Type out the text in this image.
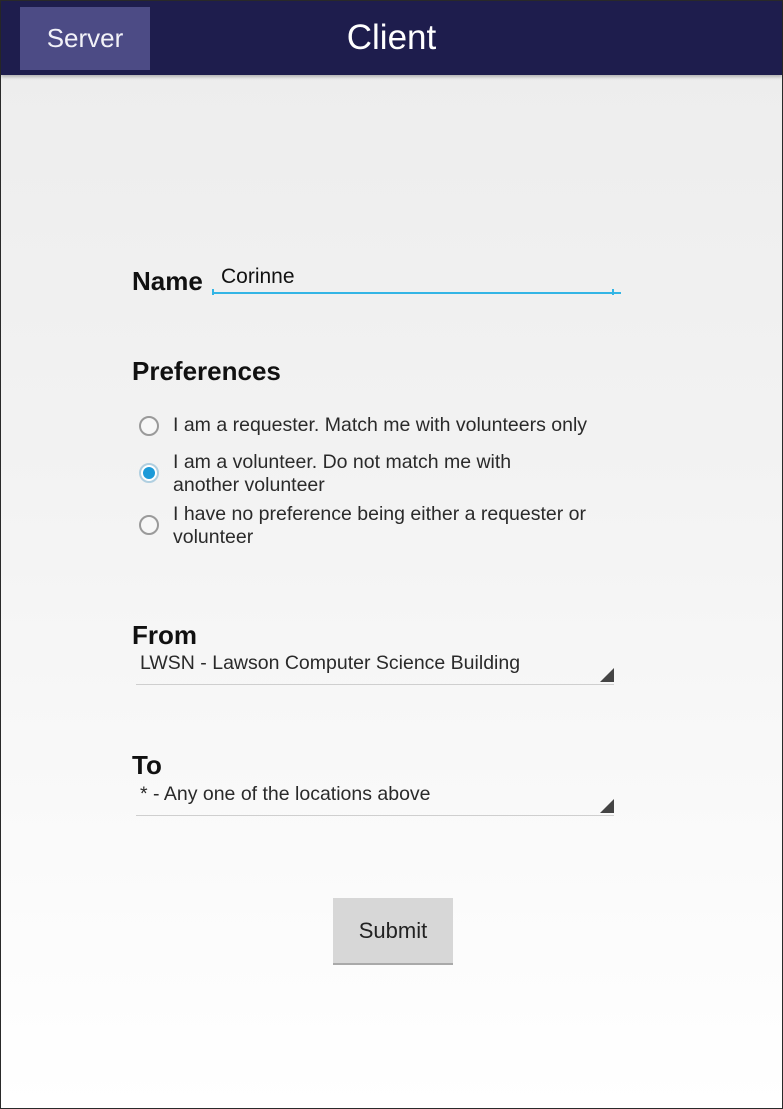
Server	Client
Name
Corinne
Preferences
I am a requester. Match me with volunteers only
I am a volunteer. Do not match me with another volunteer
I have no preference being either a requester or volunteer
From
LWSN - Lawson Computer Science Building
To
* - Any one of the locations above
Submit
